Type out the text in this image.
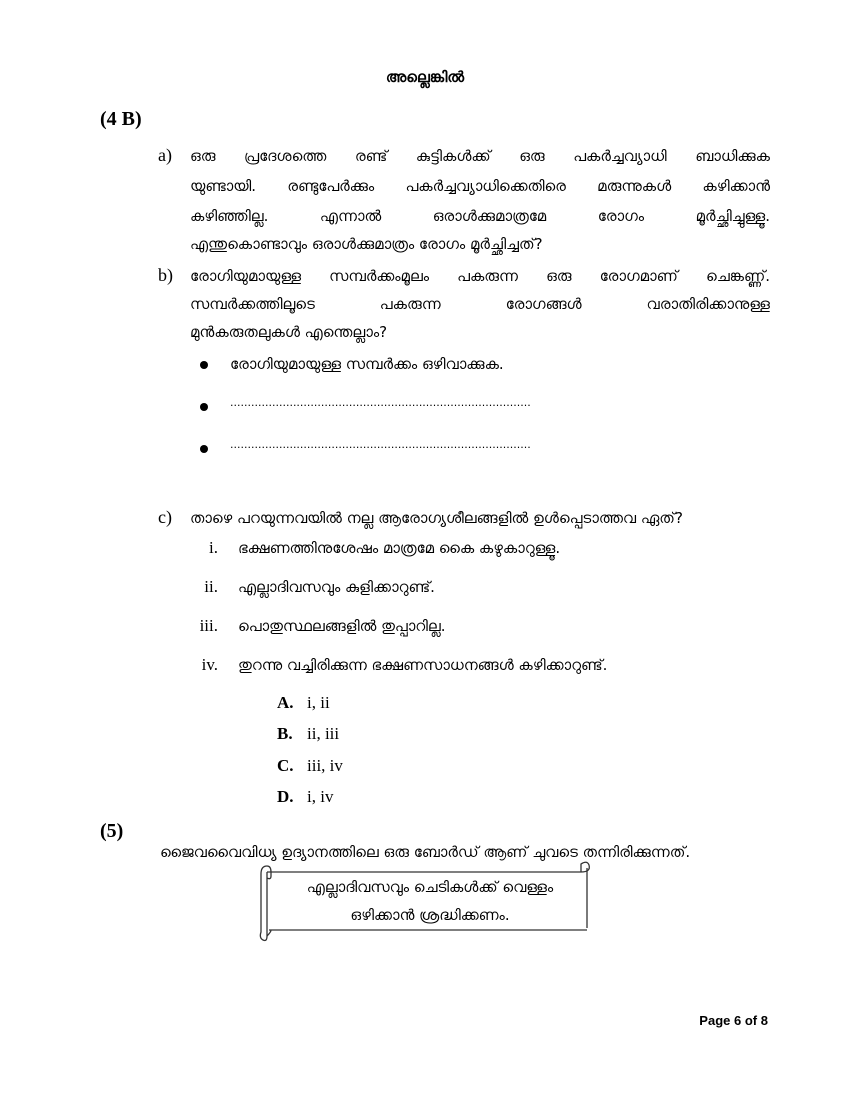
അല്ലെങ്കിൽ
(4 B)
a) ഒരു പ്രദേശത്തെ രണ്ട് കുട്ടികൾക്ക് ഒരു പകർച്ചവ്യാധി ബാധിക്കുക
യുണ്ടായി. രണ്ടുപേർക്കും പകർച്ചവ്യാധിക്കെതിരെ മരുന്നുകൾ കഴിക്കാൻ
കഴിഞ്ഞില്ല. എന്നാൽ ഒരാൾക്കുമാത്രമേ രോഗം മൂർച്ഛിച്ചുള്ളൂ.
എന്തുകൊണ്ടാവും ഒരാൾക്കുമാത്രം രോഗം മൂർച്ഛിച്ചത്?
b) രോഗിയുമായുള്ള സമ്പർക്കംമൂലം പകരുന്ന ഒരു രോഗമാണ് ചെങ്കണ്ണ്.
സമ്പർക്കത്തിലൂടെ പകരുന്ന രോഗങ്ങൾ വരാതിരിക്കാനുള്ള
മുൻകരുതലുകൾ എന്തെല്ലാം?
രോഗിയുമായുള്ള സമ്പർക്കം ഒഴിവാക്കുക.
......................................................................................
......................................................................................
c) താഴെ പറയുന്നവയിൽ നല്ല ആരോഗ്യശീലങ്ങളിൽ ഉൾപ്പെടാത്തവ ഏത്?
i. ഭക്ഷണത്തിനുശേഷം മാത്രമേ കൈ കഴുകാറുള്ളൂ.
ii. എല്ലാദിവസവും കുളിക്കാറുണ്ട്.
iii. പൊതുസ്ഥലങ്ങളിൽ തുപ്പാറില്ല.
iv. തുറന്നു വച്ചിരിക്കുന്ന ഭക്ഷണസാധനങ്ങൾ കഴിക്കാറുണ്ട്.
A. i, ii
B. ii, iii
C. iii, iv
D. i, iv
(5)
ജൈവവൈവിധ്യ ഉദ്യാനത്തിലെ ഒരു ബോർഡ് ആണ് ചുവടെ തന്നിരിക്കുന്നത്.
എല്ലാദിവസവും ചെടികൾക്ക് വെള്ളം
ഒഴിക്കാൻ ശ്രദ്ധിക്കണം.
Page 6 of 8
